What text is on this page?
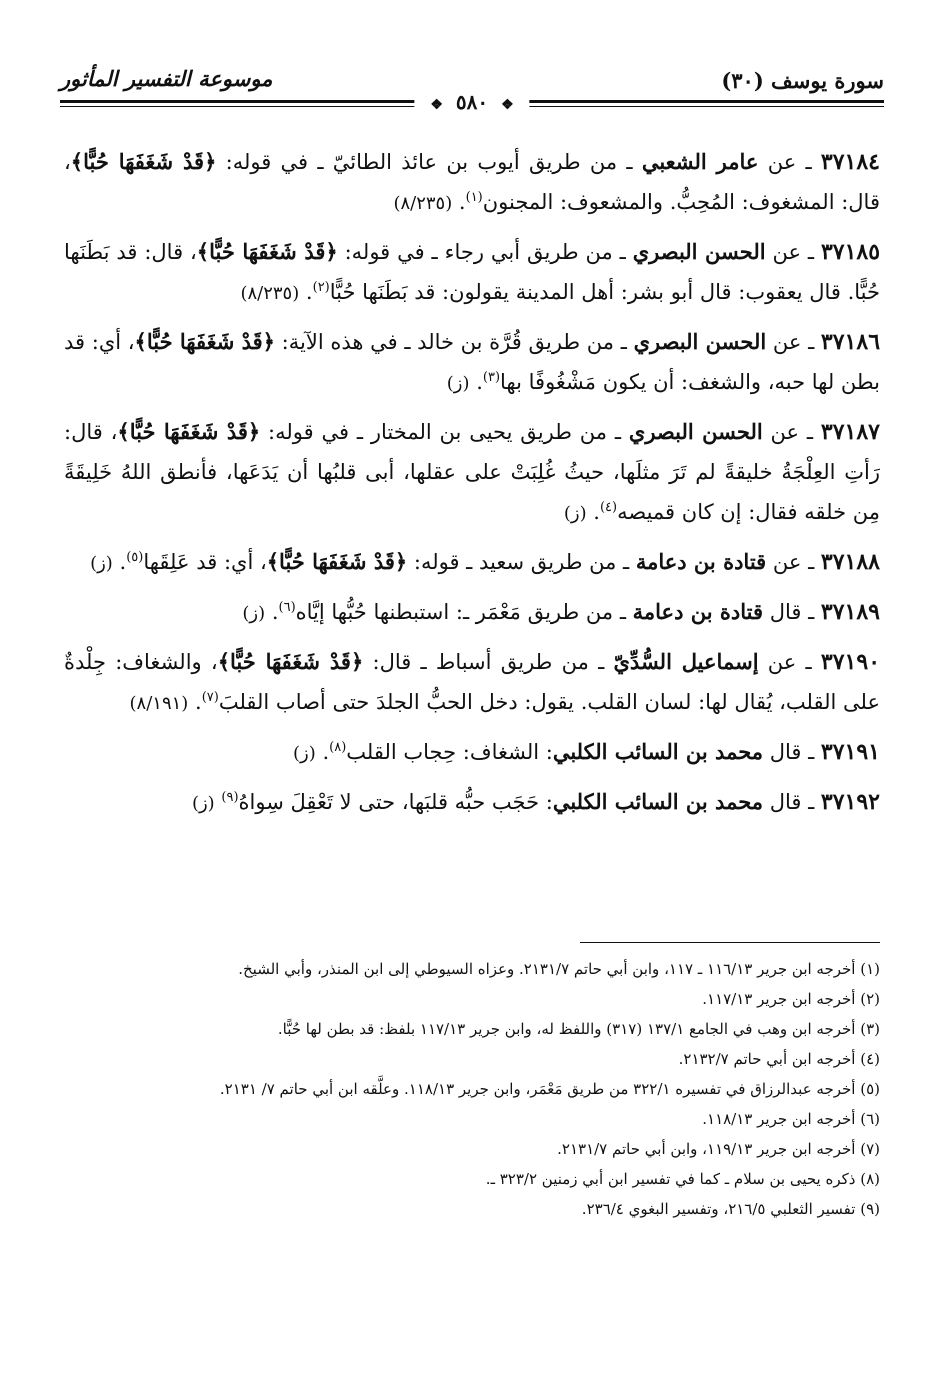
سورة يوسف (٣٠)
موسوعة التفسير المأثور
❖ ٥٨٠ ❖

٣٧١٨٤ ـ عن عامر الشعبي ـ من طريق أيوب بن عائذ الطائيّ ـ في قوله: ﴿قَدْ شَغَفَهَا حُبًّا﴾، قال: المشغوف: المُحِبُّ. والمشعوف: المجنون$^{(١)}$. (٨/٢٣٥)

٣٧١٨٥ ـ عن الحسن البصري ـ من طريق أبي رجاء ـ في قوله: ﴿قَدْ شَغَفَهَا حُبًّا﴾، قال: قد بَطَنَها حُبًّا. قال يعقوب: قال أبو بشر: أهل المدينة يقولون: قد بَطَنَها حُبًّا$^{(٢)}$. (٨/٢٣٥)

٣٧١٨٦ ـ عن الحسن البصري ـ من طريق قُرَّة بن خالد ـ في هذه الآية: ﴿قَدْ شَغَفَهَا حُبًّا﴾، أي: قد بطن لها حبه، والشغف: أن يكون مَشْغُوفًا بها$^{(٣)}$. (ز)

٣٧١٨٧ ـ عن الحسن البصري ـ من طريق يحيى بن المختار ـ في قوله: ﴿قَدْ شَغَفَهَا حُبًّا﴾، قال: رَأتِ العِلْجَةُ خليقةً لم تَرَ مثلَها، حيثُ غُلِبَتْ على عقلها، أبى قلبُها أن يَدَعَها، فأنطق اللهُ خَلِيقَةً مِن خلقه فقال: إن كان قميصه$^{(٤)}$. (ز)

٣٧١٨٨ ـ عن قتادة بن دعامة ـ من طريق سعيد ـ قوله: ﴿قَدْ شَغَفَهَا حُبًّا﴾، أي: قد عَلِقَها$^{(٥)}$. (ز)

٣٧١٨٩ ـ قال قتادة بن دعامة ـ من طريق مَعْمَر ـ: استبطنها حُبُّها إيَّاه$^{(٦)}$. (ز)

٣٧١٩٠ ـ عن إسماعيل السُّدِّيّ ـ من طريق أسباط ـ قال: ﴿قَدْ شَغَفَهَا حُبًّا﴾، والشغاف: جِلْدةٌ على القلب، يُقال لها: لسان القلب. يقول: دخل الحبُّ الجلدَ حتى أصاب القلبَ$^{(٧)}$. (٨/١٩١)

٣٧١٩١ ـ قال محمد بن السائب الكلبي: الشغاف: حِجاب القلب$^{(٨)}$. (ز)

٣٧١٩٢ ـ قال محمد بن السائب الكلبي: حَجَب حبُّه قلبَها، حتى لا تَعْقِلَ سِواهُ$^{(٩)}$ (ز)

(١) أخرجه ابن جرير ١١٦/١٣ ـ ١١٧، وابن أبي حاتم ٢١٣١/٧. وعزاه السيوطي إلى ابن المنذر، وأبي الشيخ.

(٢) أخرجه ابن جرير ١١٧/١٣.

(٣) أخرجه ابن وهب في الجامع ١٣٧/١ (٣١٧) واللفظ له، وابن جرير ١١٧/١٣ بلفظ: قد بطن لها حُبًّا.

(٤) أخرجه ابن أبي حاتم ٢١٣٢/٧.

(٥) أخرجه عبدالرزاق في تفسيره ٣٢٢/١ من طريق مَعْمَر، وابن جرير ١١٨/١٣. وعلَّقه ابن أبي حاتم ٧/ ٢١٣١.

(٦) أخرجه ابن جرير ١١٨/١٣.

(٧) أخرجه ابن جرير ١١٩/١٣، وابن أبي حاتم ٢١٣١/٧.

(٨) ذكره يحيى بن سلام ـ كما في تفسير ابن أبي زمنين ٣٢٣/٢ ـ.

(٩) تفسير الثعلبي ٢١٦/٥، وتفسير البغوي ٢٣٦/٤.
